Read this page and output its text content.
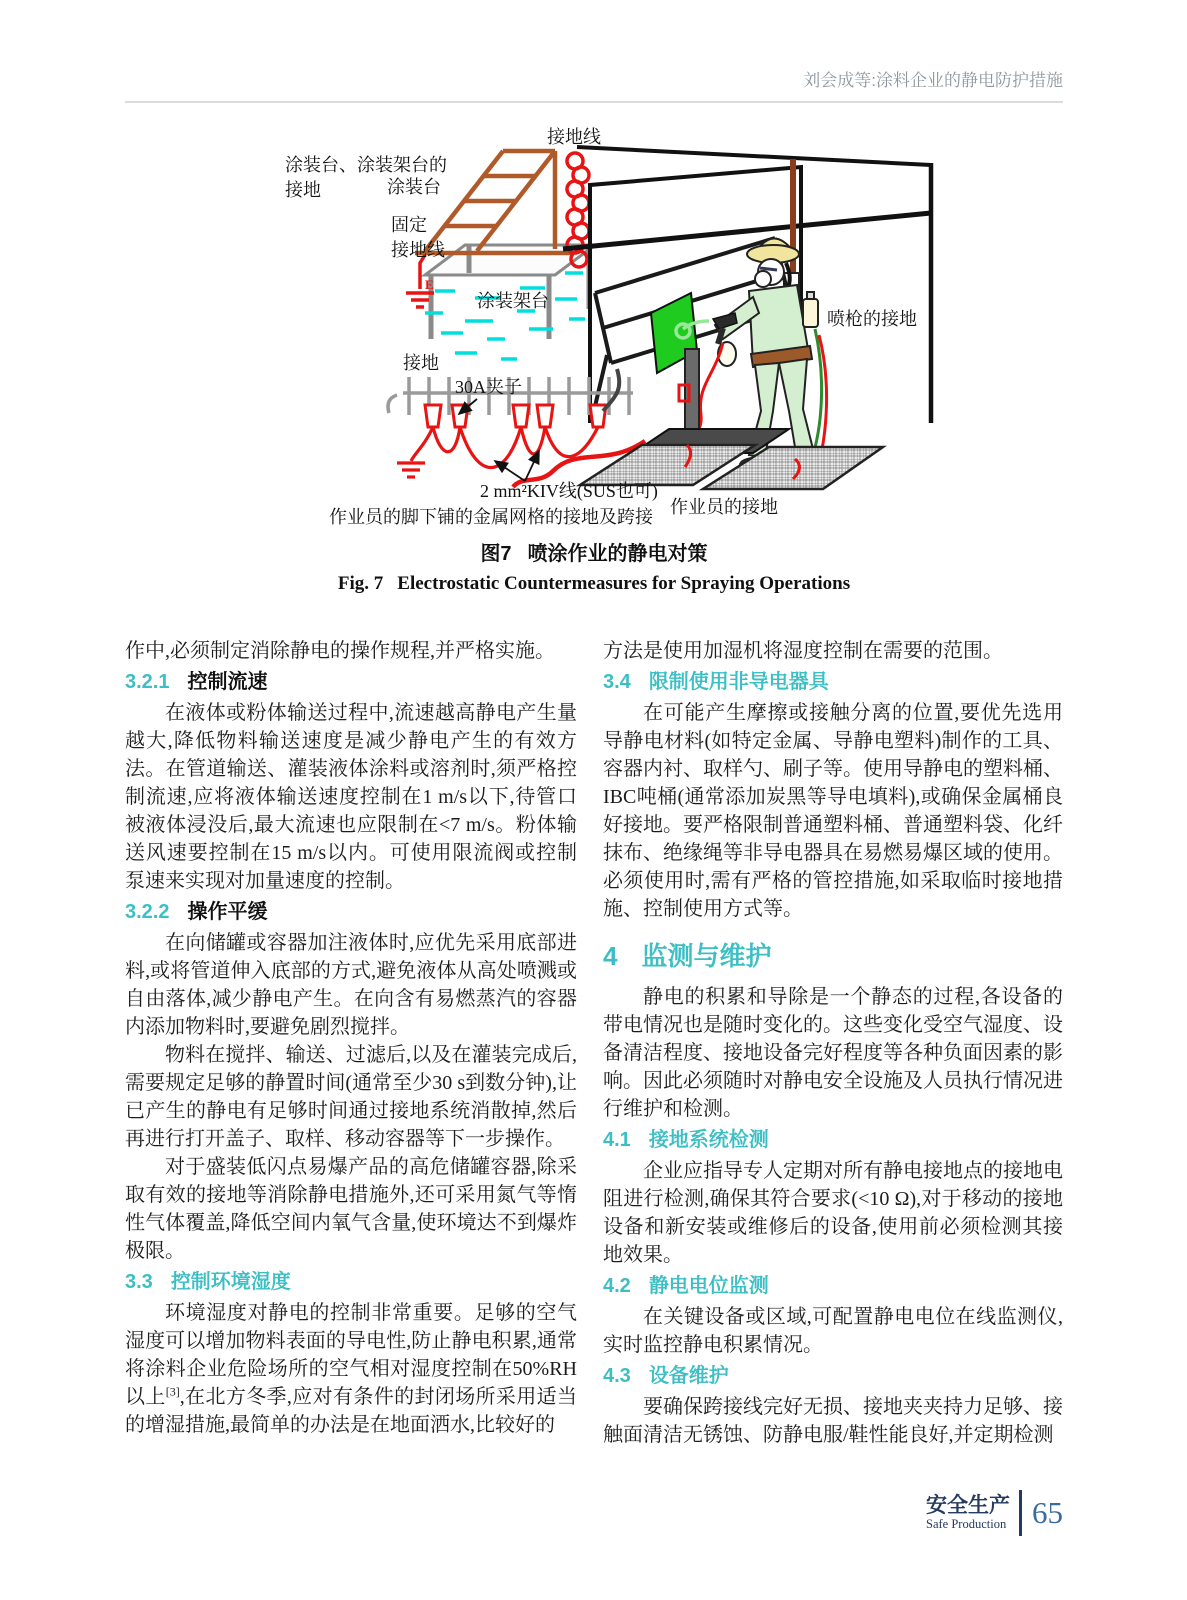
刘会成等:涂料企业的静电防护措施
E
涂装台、涂装架台的
接地	涂装台
接地线
固定
接地线
涂装架台
接地
30A夹子
2 mm²KIV线(SUS也可)
作业员的脚下铺的金属网格的接地及跨接
喷枪的接地
作业员的接地
图7 喷涂作业的静电对策
Fig. 7 Electrostatic Countermeasures for Spraying Operations

作中,必须制定消除静电的操作规程,并严格实施。

3.2.1 控制流速

在液体或粉体输送过程中,流速越高静电产生量越大,降低物料输送速度是减少静电产生的有效方法。在管道输送、灌装液体涂料或溶剂时,须严格控制流速,应将液体输送速度控制在1 m/s以下,待管口被液体浸没后,最大流速也应限制在<7 m/s。粉体输送风速要控制在15 m/s以内。可使用限流阀或控制泵速来实现对加量速度的控制。

3.2.2 操作平缓

在向储罐或容器加注液体时,应优先采用底部进料,或将管道伸入底部的方式,避免液体从高处喷溅或自由落体,减少静电产生。在向含有易燃蒸汽的容器内添加物料时,要避免剧烈搅拌。

物料在搅拌、输送、过滤后,以及在灌装完成后,需要规定足够的静置时间(通常至少30 s到数分钟),让已产生的静电有足够时间通过接地系统消散掉,然后再进行打开盖子、取样、移动容器等下一步操作。

对于盛装低闪点易爆产品的高危储罐容器,除采取有效的接地等消除静电措施外,还可采用氮气等惰性气体覆盖,降低空间内氧气含量,使环境达不到爆炸极限。

3.3 控制环境湿度

环境湿度对静电的控制非常重要。足够的空气湿度可以增加物料表面的导电性,防止静电积累,通常将涂料企业危险场所的空气相对湿度控制在50%RH以上[3],在北方冬季,应对有条件的封闭场所采用适当的增湿措施,最简单的办法是在地面洒水,比较好的

方法是使用加湿机将湿度控制在需要的范围。

3.4 限制使用非导电器具

在可能产生摩擦或接触分离的位置,要优先选用导静电材料(如特定金属、导静电塑料)制作的工具、容器内衬、取样勺、刷子等。使用导静电的塑料桶、IBC吨桶(通常添加炭黑等导电填料),或确保金属桶良好接地。要严格限制普通塑料桶、普通塑料袋、化纤抹布、绝缘绳等非导电器具在易燃易爆区域的使用。必须使用时,需有严格的管控措施,如采取临时接地措施、控制使用方式等。

4 监测与维护

静电的积累和导除是一个静态的过程,各设备的带电情况也是随时变化的。这些变化受空气湿度、设备清洁程度、接地设备完好程度等各种负面因素的影响。因此必须随时对静电安全设施及人员执行情况进行维护和检测。

4.1 接地系统检测

企业应指导专人定期对所有静电接地点的接地电阻进行检测,确保其符合要求(<10 Ω),对于移动的接地设备和新安装或维修后的设备,使用前必须检测其接地效果。

4.2 静电电位监测

在关键设备或区域,可配置静电电位在线监测仪,实时监控静电积累情况。

4.3 设备维护

要确保跨接线完好无损、接地夹夹持力足够、接触面清洁无锈蚀、防静电服/鞋性能良好,并定期检测

安全生产
Safe Production 65
